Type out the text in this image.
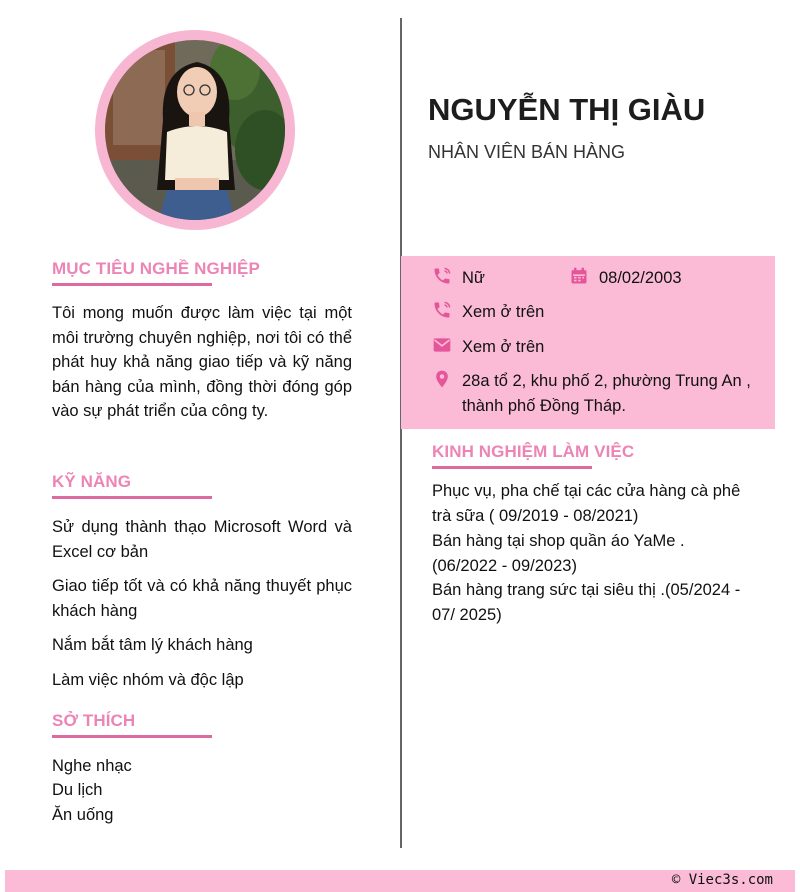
MỤC TIÊU NGHỀ NGHIỆP
Tôi mong muốn được làm việc tại một môi trường chuyên nghiệp, nơi tôi có thể phát huy khả năng giao tiếp và kỹ năng bán hàng của mình, đồng thời đóng góp vào sự phát triển của công ty.
KỸ NĂNG
Sử dụng thành thạo Microsoft Word và Excel cơ bản
Giao tiếp tốt và có khả năng thuyết phục khách hàng
Nắm bắt tâm lý khách hàng
Làm việc nhóm và độc lập
SỞ THÍCH
Nghe nhạc
Du lịch
Ăn uống
NGUYỄN THỊ GIÀU
NHÂN VIÊN BÁN HÀNG
Nữ	08/02/2003
Xem ở trên
Xem ở trên
28a tổ 2, khu phố 2, phường Trung An , thành phố Đồng Tháp.
KINH NGHIỆM LÀM VIỆC
Phục vụ, pha chế tại các cửa hàng cà phê trà sữa ( 09/2019 - 08/2021)
Bán hàng tại shop quần áo YaMe . (06/2022 - 09/2023)
Bán hàng trang sức tại siêu thị .(05/2024 - 07/ 2025)
© Viec3s.com
